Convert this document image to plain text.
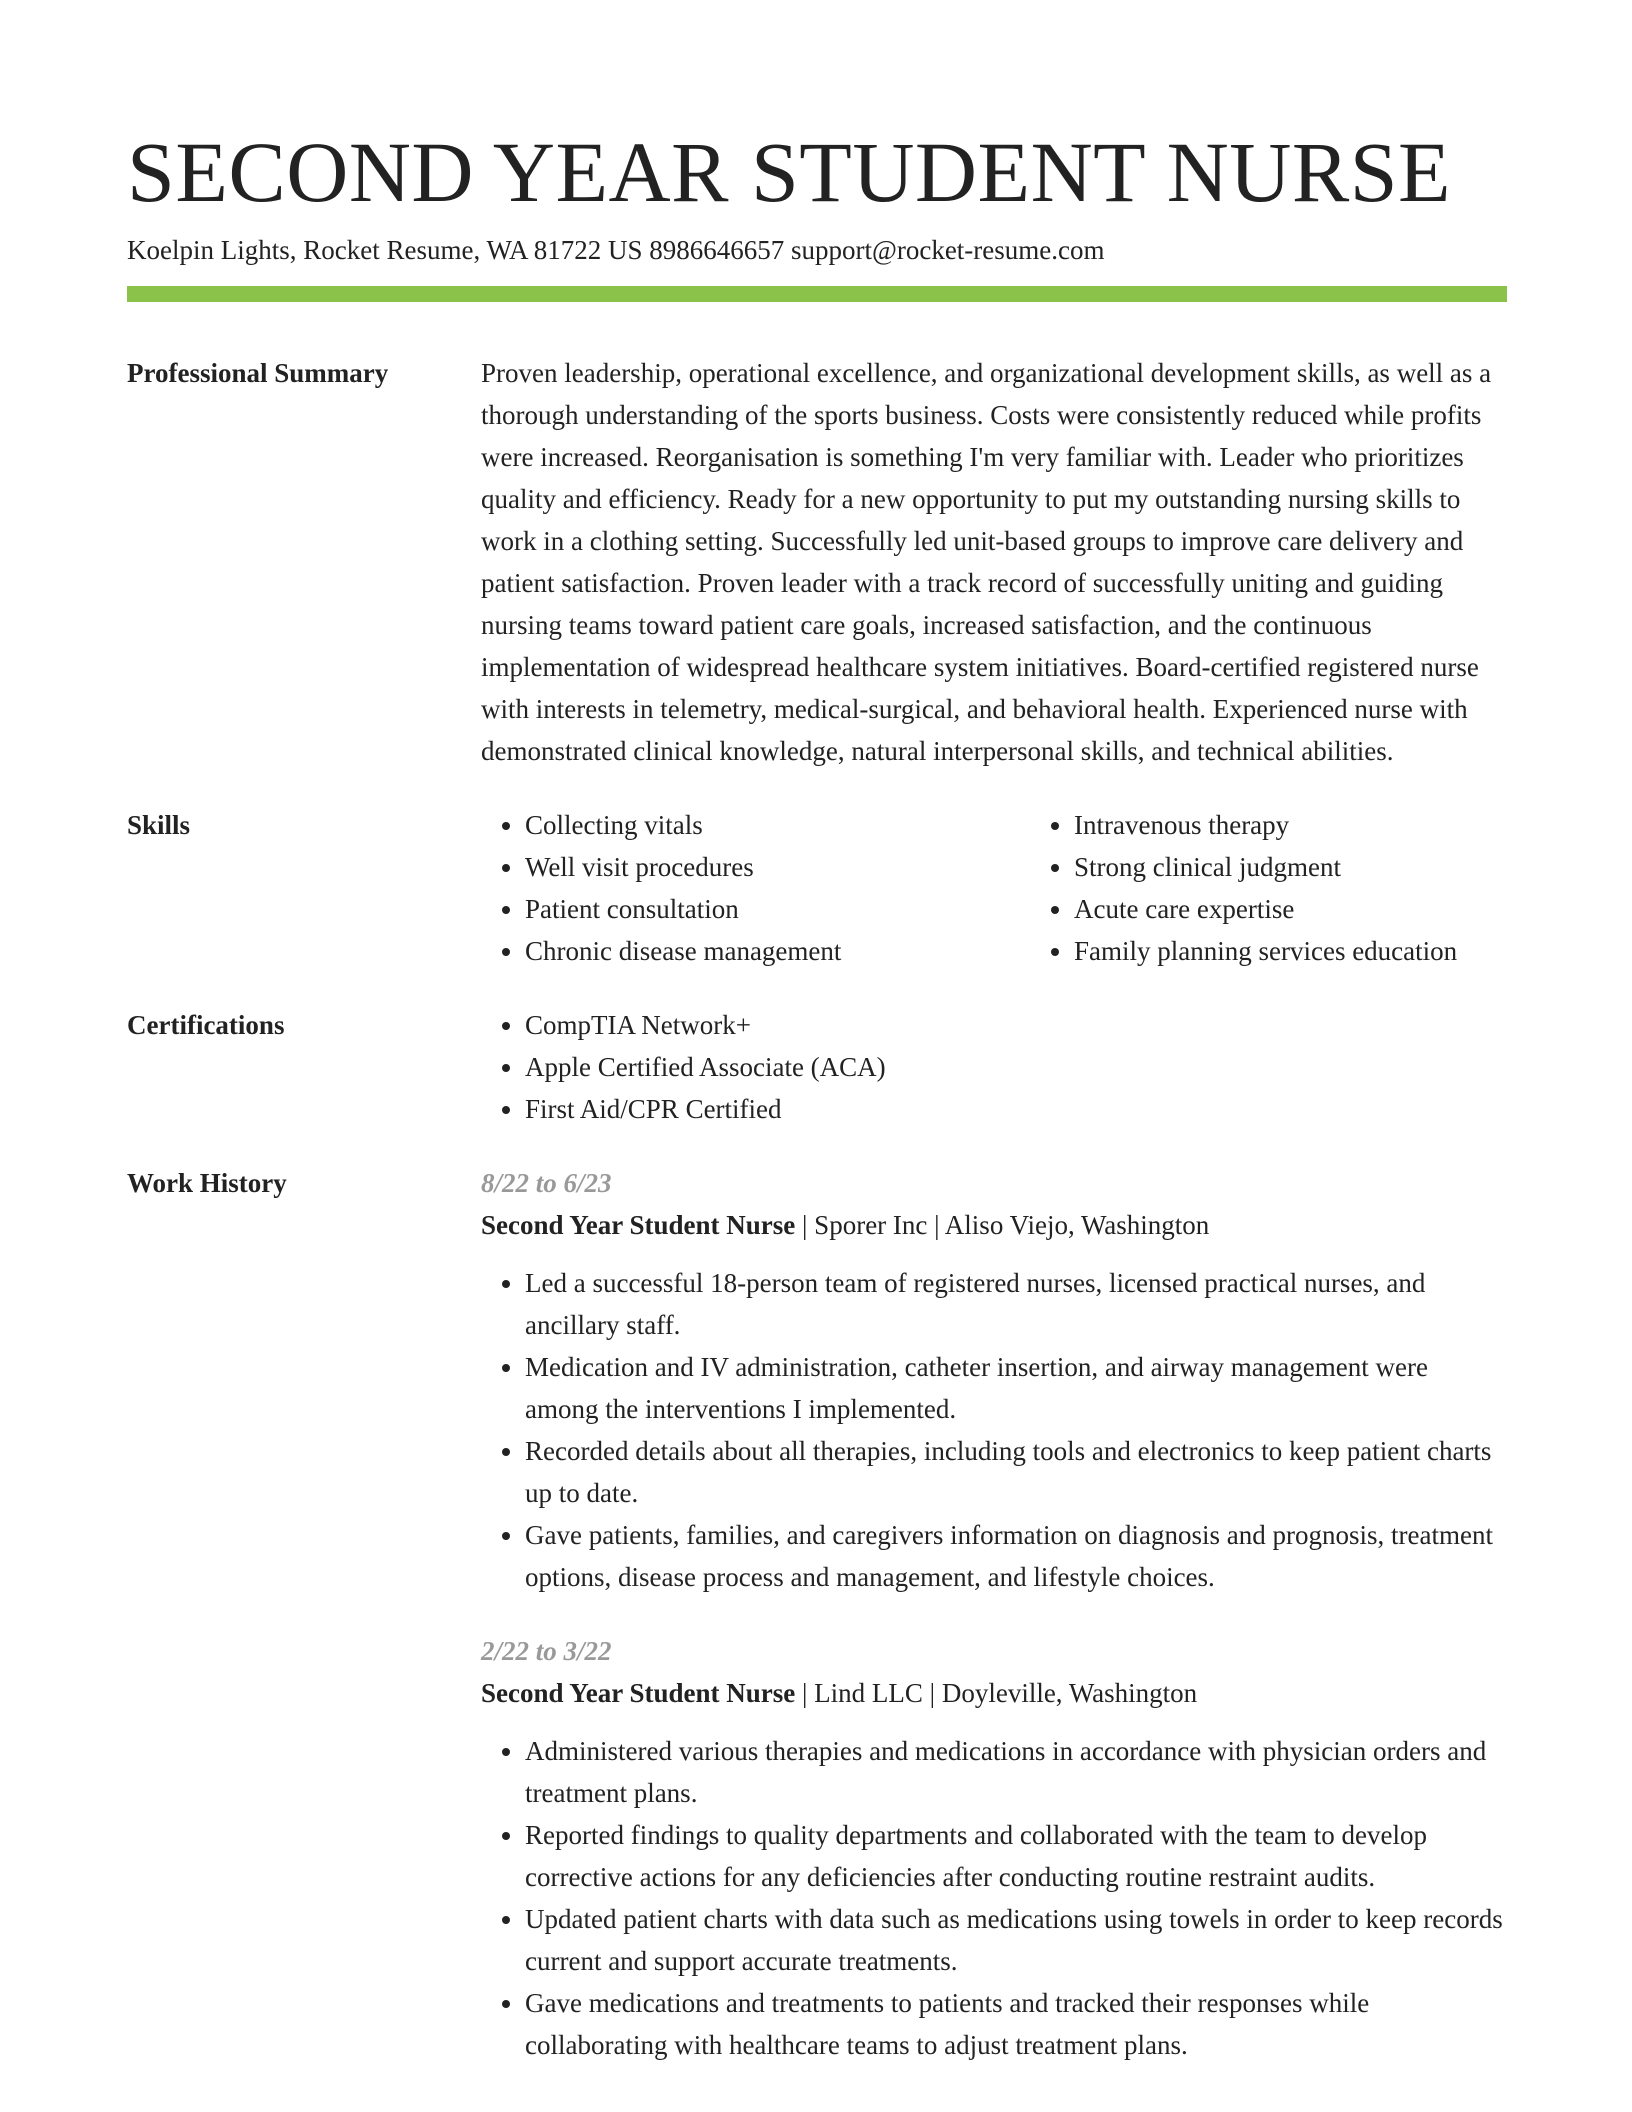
SECOND YEAR STUDENT NURSE
Koelpin Lights, Rocket Resume, WA 81722 US 8986646657 support@rocket-resume.com
Professional Summary	Proven leadership, operational excellence, and organizational development skills, as well as a thorough understanding of the sports business. Costs were consistently reduced while profits were increased. Reorganisation is something I'm very familiar with. Leader who prioritizes quality and efficiency. Ready for a new opportunity to put my outstanding nursing skills to work in a clothing setting. Successfully led unit-based groups to improve care delivery and patient satisfaction. Proven leader with a track record of successfully uniting and guiding nursing teams toward patient care goals, increased satisfaction, and the continuous implementation of widespread healthcare system initiatives. Board-certified registered nurse with interests in telemetry, medical-surgical, and behavioral health. Experienced nurse with demonstrated clinical knowledge, natural interpersonal skills, and technical abilities.
Skills	• Collecting vitals
• Well visit procedures
• Patient consultation
• Chronic disease management
• Intravenous therapy
• Strong clinical judgment
• Acute care expertise
• Family planning services education
Certifications	• CompTIA Network+
• Apple Certified Associate (ACA)
• First Aid/CPR Certified
Work History	8/22 to 6/23
Second Year Student Nurse | Sporer Inc | Aliso Viejo, Washington
• Led a successful 18-person team of registered nurses, licensed practical nurses, and ancillary staff.
• Medication and IV administration, catheter insertion, and airway management were among the interventions I implemented.
• Recorded details about all therapies, including tools and electronics to keep patient charts up to date.
• Gave patients, families, and caregivers information on diagnosis and prognosis, treatment options, disease process and management, and lifestyle choices.
2/22 to 3/22
Second Year Student Nurse | Lind LLC | Doyleville, Washington
• Administered various therapies and medications in accordance with physician orders and treatment plans.
• Reported findings to quality departments and collaborated with the team to develop corrective actions for any deficiencies after conducting routine restraint audits.
• Updated patient charts with data such as medications using towels in order to keep records current and support accurate treatments.
• Gave medications and treatments to patients and tracked their responses while collaborating with healthcare teams to adjust treatment plans.
